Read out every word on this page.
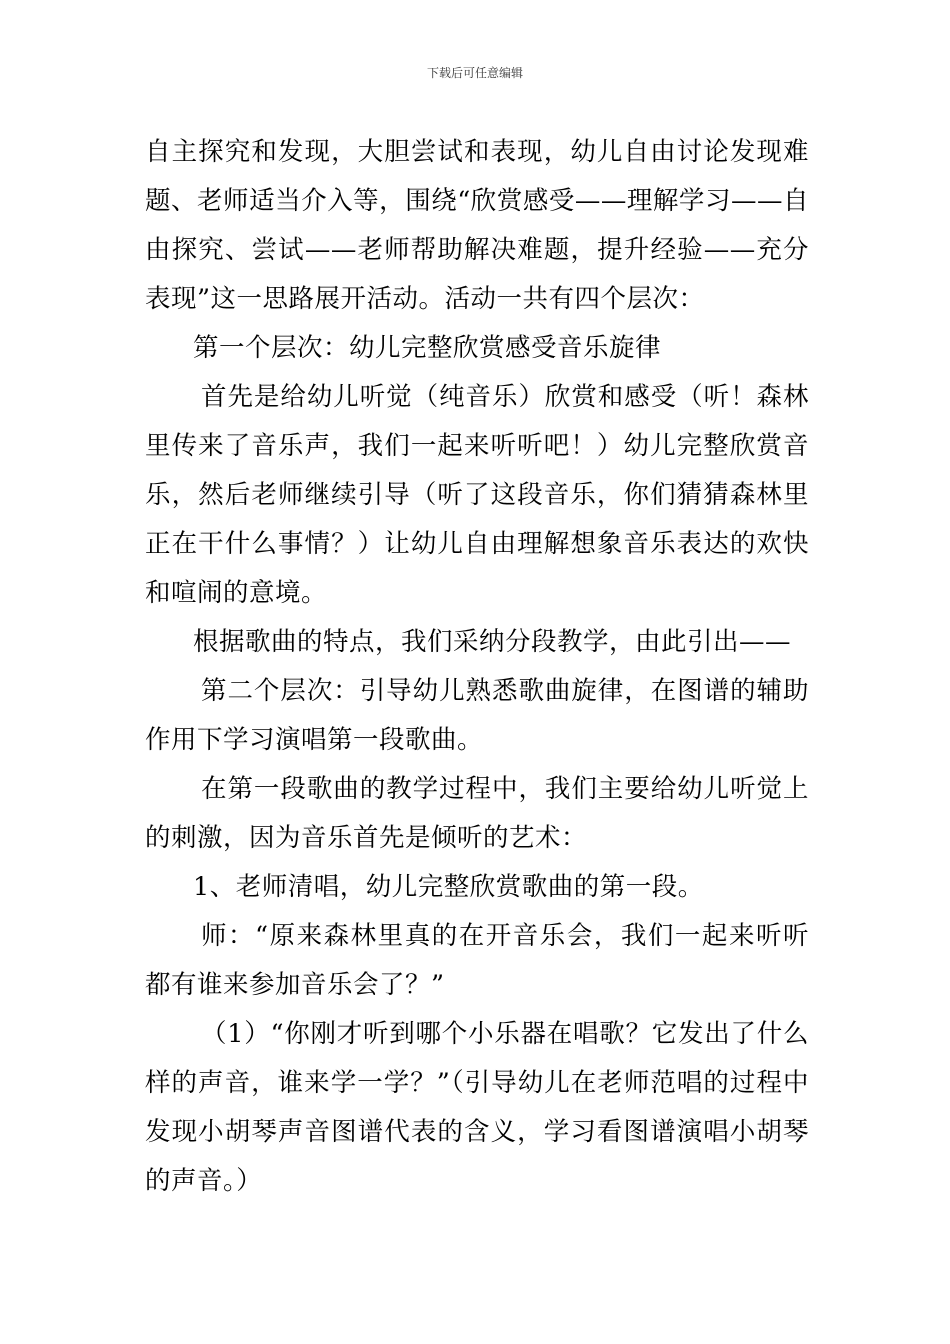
下载后可任意编辑

自主探究和发现，大胆尝试和表现，幼儿自由讨论发现难题、老师适当介入等，围绕“欣赏感受——理解学习——自由探究、尝试——老师帮助解决难题，提升经验——充分表现”这一思路展开活动。活动一共有四个层次：

第一个层次：幼儿完整欣赏感受音乐旋律

首先是给幼儿听觉（纯音乐）欣赏和感受（听！森林里传来了音乐声，我们一起来听听吧！）幼儿完整欣赏音乐，然后老师继续引导（听了这段音乐，你们猜猜森林里正在干什么事情？）让幼儿自由理解想象音乐表达的欢快和喧闹的意境。

根据歌曲的特点，我们采纳分段教学，由此引出——

第二个层次：引导幼儿熟悉歌曲旋律，在图谱的辅助作用下学习演唱第一段歌曲。

在第一段歌曲的教学过程中，我们主要给幼儿听觉上的刺激，因为音乐首先是倾听的艺术：

1、老师清唱，幼儿完整欣赏歌曲的第一段。

师：“原来森林里真的在开音乐会，我们一起来听听都有谁来参加音乐会了？”

（1）“你刚才听到哪个小乐器在唱歌？它发出了什么样的声音，谁来学一学？”（引导幼儿在老师范唱的过程中发现小胡琴声音图谱代表的含义，学习看图谱演唱小胡琴的声音。）
